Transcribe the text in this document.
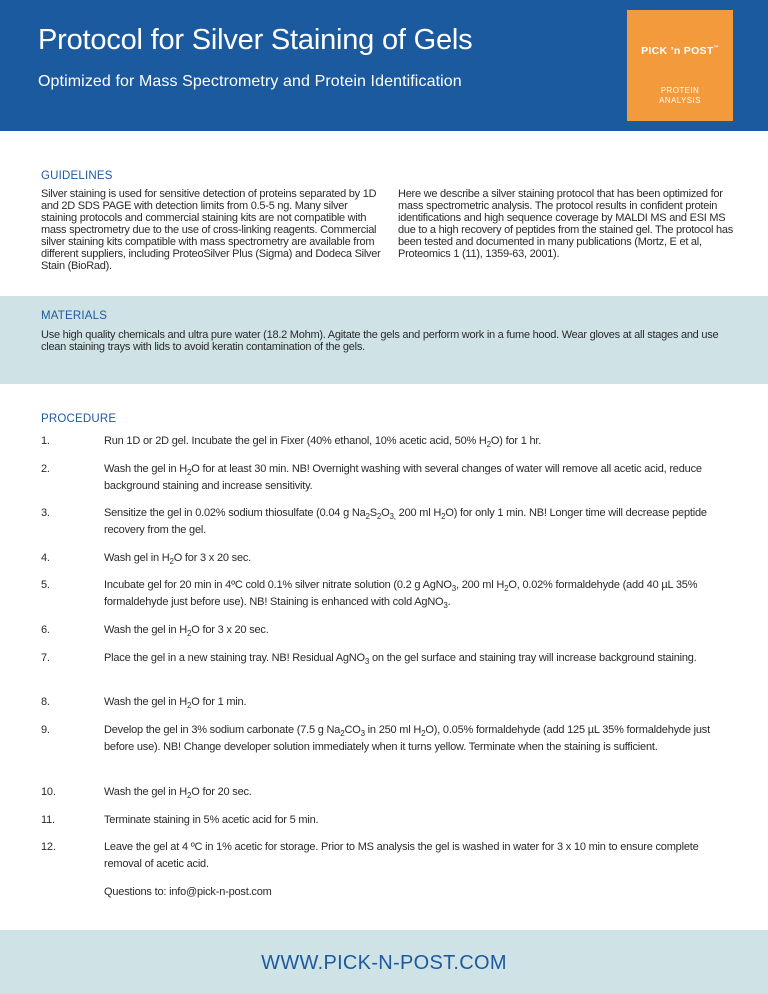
Protocol for Silver Staining of Gels
Optimized for Mass Spectrometry and Protein Identification
PICK ’n POST™
PROTEIN
ANALYSIS
GUIDELINES
Silver staining is used for sensitive detection of proteins separated by 1D and 2D SDS PAGE with detection limits from 0.5-5 ng. Many silver staining protocols and commercial staining kits are not compatible with mass spectrometry due to the use of cross-linking reagents. Commercial silver staining kits compatible with mass spectrometry are available from different suppliers, including ProteoSilver Plus (Sigma) and Dodeca Silver Stain (BioRad).
Here we describe a silver staining protocol that has been optimized for mass spectrometric analysis. The protocol results in confident protein identifications and high sequence coverage by MALDI MS and ESI MS due to a high recovery of peptides from the stained gel. The protocol has been tested and documented in many publications (Mortz, E et al, Proteomics 1 (11), 1359-63, 2001).
MATERIALS
Use high quality chemicals and ultra pure water (18.2 Mohm). Agitate the gels and perform work in a fume hood. Wear gloves at all stages and use clean staining trays with lids to avoid keratin contamination of the gels.
PROCEDURE
1.	Run 1D or 2D gel. Incubate the gel in Fixer (40% ethanol, 10% acetic acid, 50% $H_2O$) for 1 hr.
2.	Wash the gel in $H_2O$ for at least 30 min. NB! Overnight washing with several changes of water will remove all acetic acid, reduce background staining and increase sensitivity.
3.	Sensitize the gel in 0.02% sodium thiosulfate (0.04 g $Na_2S_2O_{3,}$ 200 ml $H_2O$) for only 1 min. NB! Longer time will decrease peptide recovery from the gel.
4.	Wash gel in $H_2O$ for 3 x 20 sec.
5.	Incubate gel for 20 min in 4ºC cold 0.1% silver nitrate solution (0.2 g AgNO$_3$, 200 ml $H_2O$, 0.02% formaldehyde (add 40 µL 35% formaldehyde just before use). NB! Staining is enhanced with cold AgNO$_3$.
6.	Wash the gel in $H_2O$ for 3 x 20 sec.
7.	Place the gel in a new staining tray. NB! Residual AgNO$_3$ on the gel surface and staining tray will increase background staining.
8.	Wash the gel in $H_2O$ for 1 min.
9.	Develop the gel in 3% sodium carbonate (7.5 g $Na_2CO_3$ in 250 ml $H_2O$), 0.05% formaldehyde (add 125 µL 35% formaldehyde just before use). NB! Change developer solution immediately when it turns yellow. Terminate when the staining is sufficient.
10.	Wash the gel in $H_2O$ for 20 sec.
11.	Terminate staining in 5% acetic acid for 5 min.
12.	Leave the gel at 4 ºC in 1% acetic for storage. Prior to MS analysis the gel is washed in water for 3 x 10 min to ensure complete removal of acetic acid.
Questions to: info@pick-n-post.com
WWW.PICK-N-POST.COM
